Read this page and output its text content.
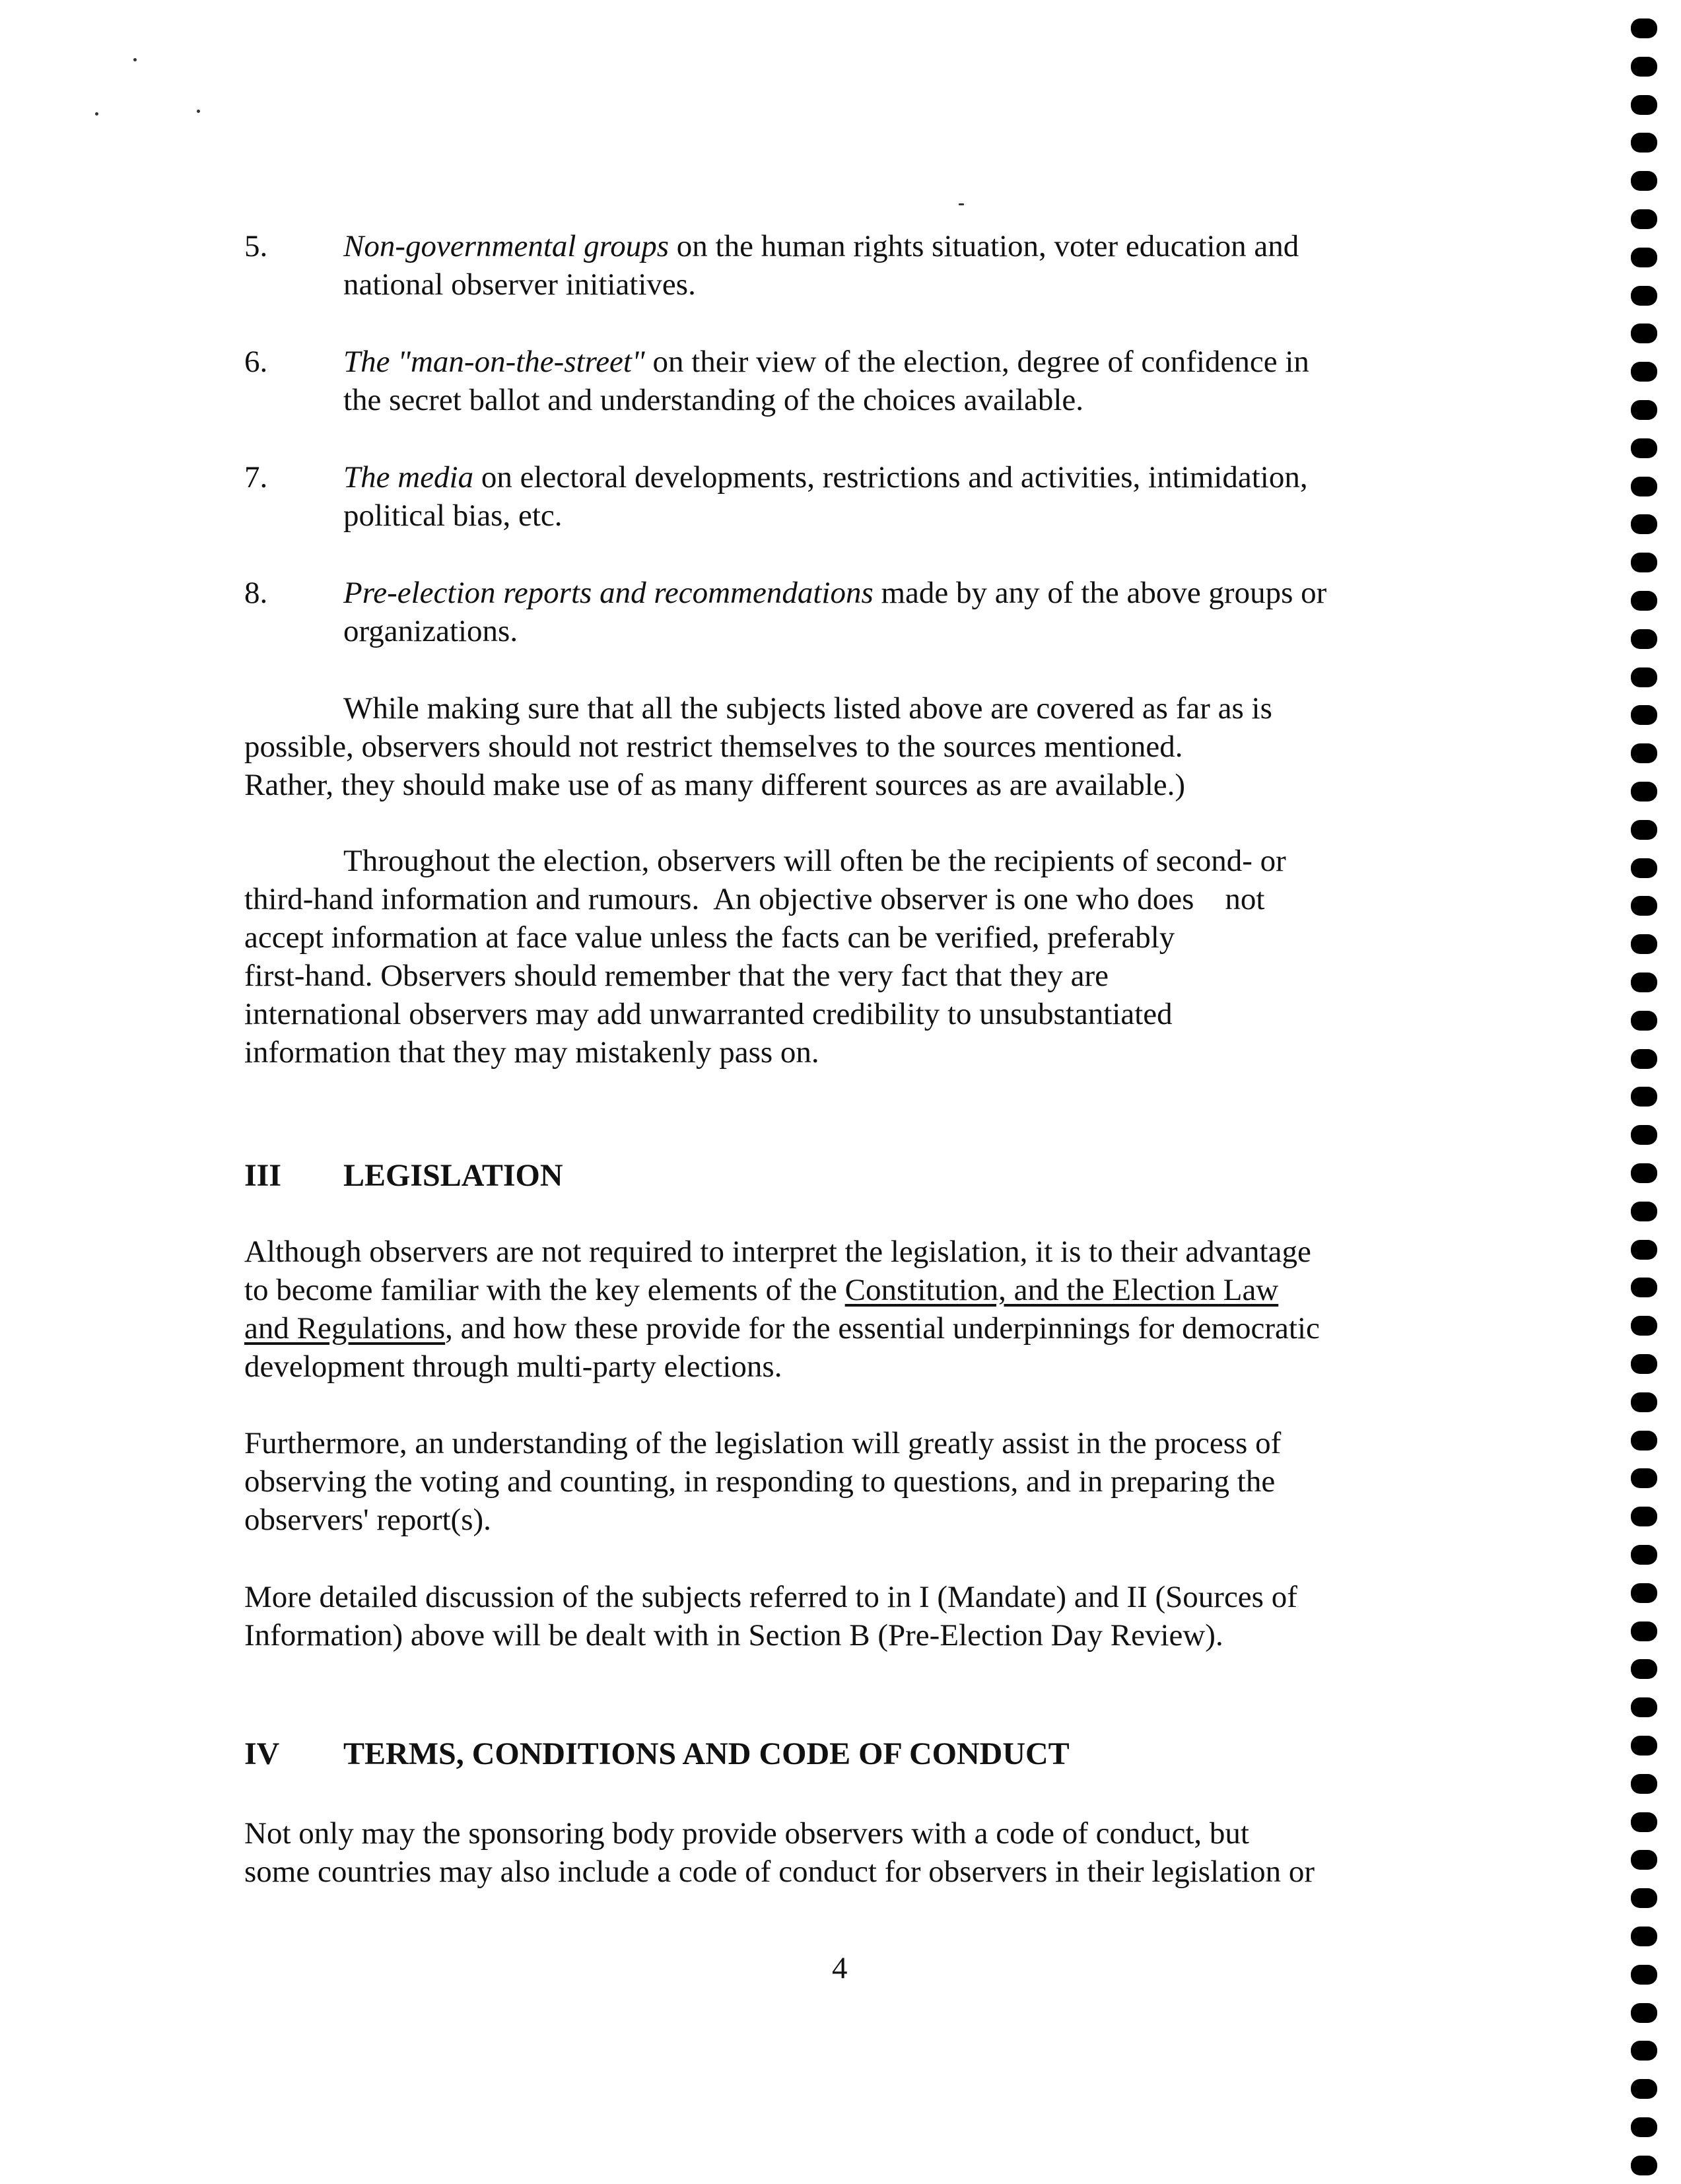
5. Non-governmental groups on the human rights situation, voter education and
national observer initiatives.
6. The "man-on-the-street" on their view of the election, degree of confidence in
the secret ballot and understanding of the choices available.
7. The media on electoral developments, restrictions and activities, intimidation,
political bias, etc.
8. Pre-election reports and recommendations made by any of the above groups or
organizations.
While making sure that all the subjects listed above are covered as far as is
possible, observers should not restrict themselves to the sources mentioned.
Rather, they should make use of as many different sources as are available.)
Throughout the election, observers will often be the recipients of second- or
third-hand information and rumours.  An objective observer is one who does    not
accept information at face value unless the facts can be verified, preferably
first-hand. Observers should remember that the very fact that they are
international observers may add unwarranted credibility to unsubstantiated
information that they may mistakenly pass on.
III LEGISLATION
Although observers are not required to interpret the legislation, it is to their advantage
to become familiar with the key elements of the Constitution, and the Election Law
and Regulations, and how these provide for the essential underpinnings for democratic
development through multi-party elections.
Furthermore, an understanding of the legislation will greatly assist in the process of
observing the voting and counting, in responding to questions, and in preparing the
observers' report(s).
More detailed discussion of the subjects referred to in I (Mandate) and II (Sources of
Information) above will be dealt with in Section B (Pre-Election Day Review).
IV TERMS, CONDITIONS AND CODE OF CONDUCT
Not only may the sponsoring body provide observers with a code of conduct, but
some countries may also include a code of conduct for observers in their legislation or
4
